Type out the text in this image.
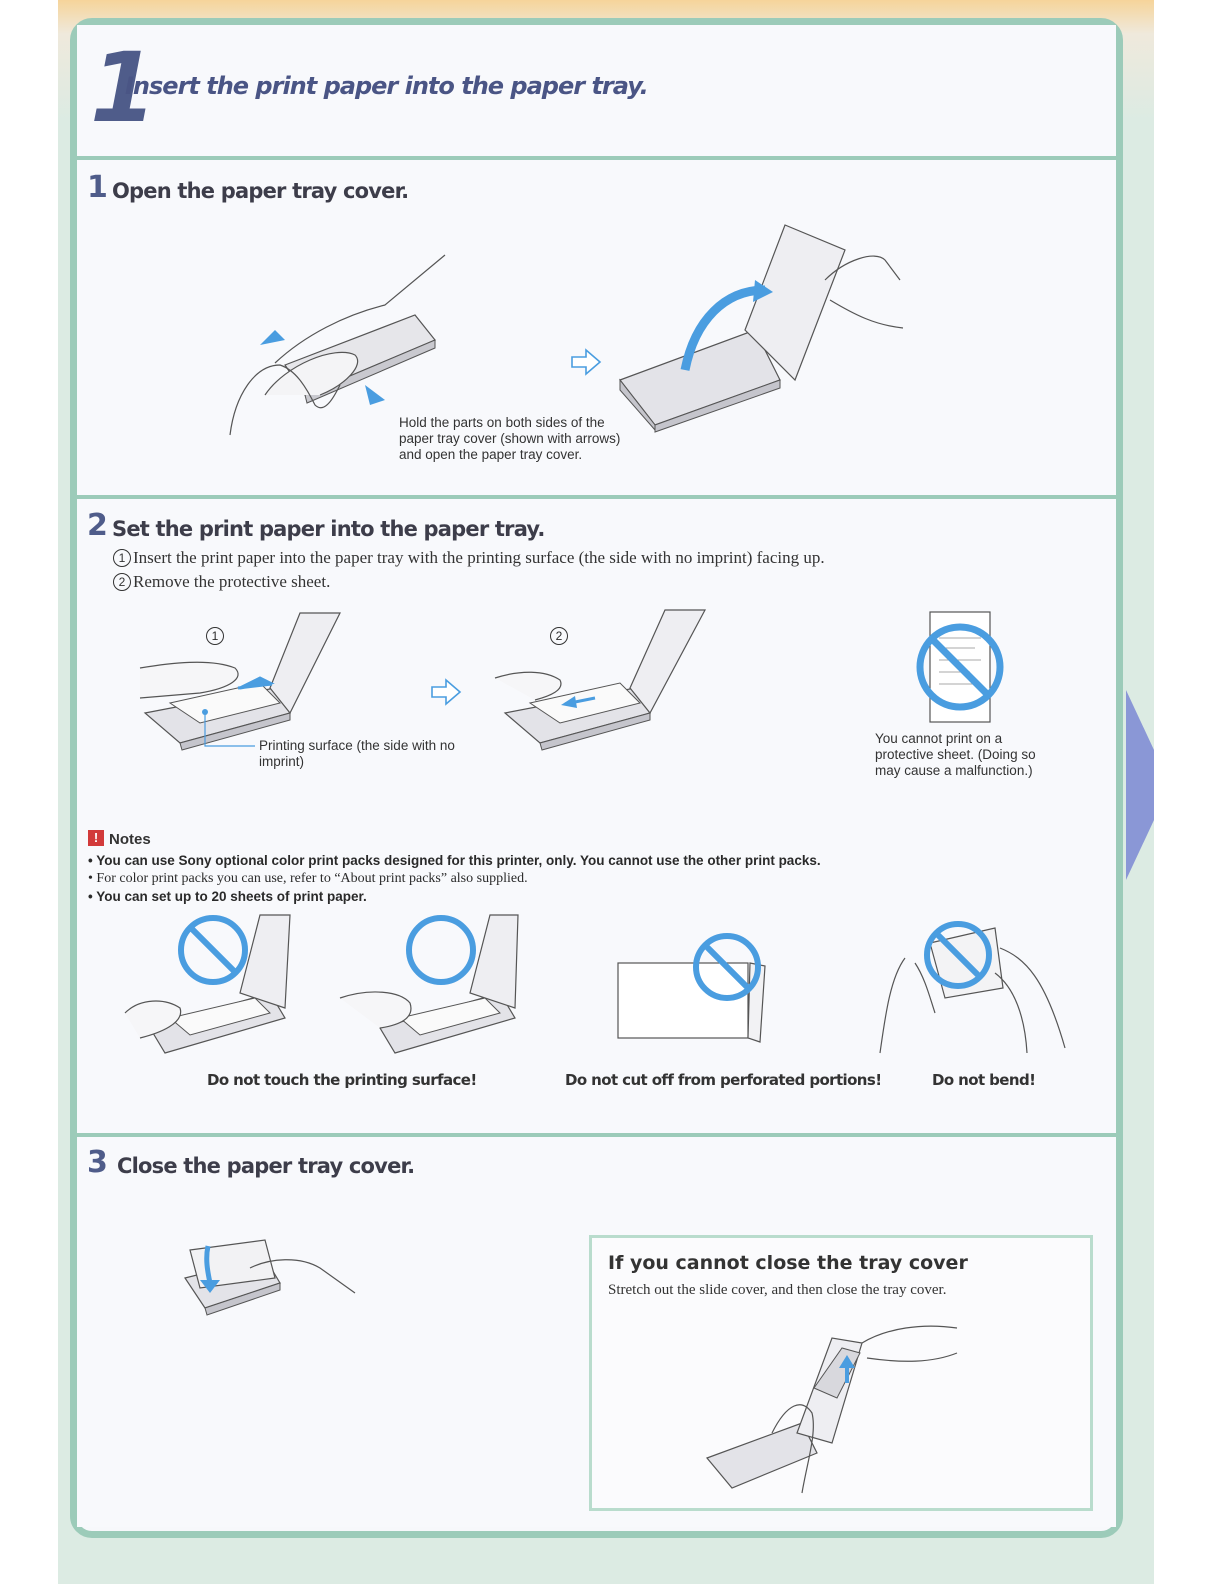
1
Insert the print paper into the paper tray.
1 Open the paper tray cover.
Hold the parts on both sides of the
paper tray cover (shown with arrows)
and open the paper tray cover.
2 Set the print paper into the paper tray.
1 Insert the print paper into the paper tray with the printing surface (the side with no imprint) facing up.
2 Remove the protective sheet.
1
Printing surface (the side with no
imprint)
2
You cannot print on a
protective sheet. (Doing so
may cause a malfunction.)
! Notes
• You can use Sony optional color print packs designed for this printer, only. You cannot use the other print packs.
• For color print packs you can use, refer to “About print packs” also supplied.
• You can set up to 20 sheets of print paper.
Do not touch the printing surface!	Do not cut off from perforated portions!	Do not bend!
3 Close the paper tray cover.
If you cannot close the tray cover
Stretch out the slide cover, and then close the tray cover.
